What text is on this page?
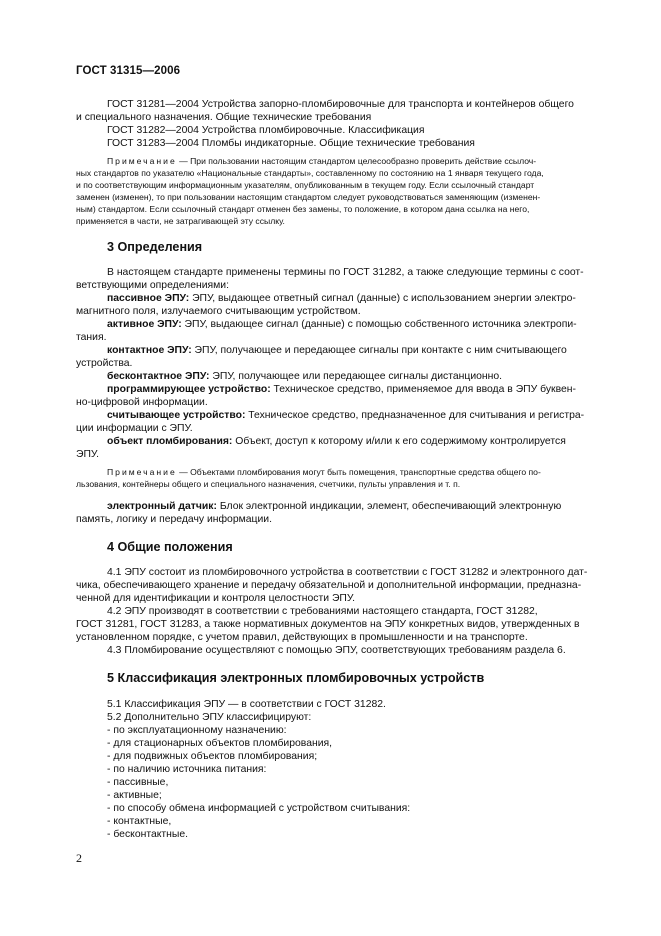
ГОСТ 31315—2006
ГОСТ 31281—2004 Устройства запорно-пломбировочные для транспорта и контейнеров общего
и специального назначения. Общие технические требования
ГОСТ 31282—2004 Устройства пломбировочные. Классификация
ГОСТ 31283—2004 Пломбы индикаторные. Общие технические требования
Примечание — При пользовании настоящим стандартом целесообразно проверить действие ссылоч-
ных стандартов по указателю «Национальные стандарты», составленному по состоянию на 1 января текущего года,
и по соответствующим информационным указателям, опубликованным в текущем году. Если ссылочный стандарт
заменен (изменен), то при пользовании настоящим стандартом следует руководствоваться заменяющим (изменен-
ным) стандартом. Если ссылочный стандарт отменен без замены, то положение, в котором дана ссылка на него,
применяется в части, не затрагивающей эту ссылку.
3 Определения
В настоящем стандарте применены термины по ГОСТ 31282, а также следующие термины с соот-
ветствующими определениями:
пассивное ЭПУ: ЭПУ, выдающее ответный сигнал (данные) с использованием энергии электро-
магнитного поля, излучаемого считывающим устройством.
активное ЭПУ: ЭПУ, выдающее сигнал (данные) с помощью собственного источника электропи-
тания.
контактное ЭПУ: ЭПУ, получающее и передающее сигналы при контакте с ним считывающего
устройства.
бесконтактное ЭПУ: ЭПУ, получающее или передающее сигналы дистанционно.
программирующее устройство: Техническое средство, применяемое для ввода в ЭПУ буквен-
но-цифровой информации.
считывающее устройство: Техническое средство, предназначенное для считывания и регистра-
ции информации с ЭПУ.
объект пломбирования: Объект, доступ к которому и/или к его содержимому контролируется
ЭПУ.
Примечание — Объектами пломбирования могут быть помещения, транспортные средства общего по-
льзования, контейнеры общего и специального назначения, счетчики, пульты управления и т. п.
электронный датчик: Блок электронной индикации, элемент, обеспечивающий электронную
память, логику и передачу информации.
4 Общие положения
4.1 ЭПУ состоит из пломбировочного устройства в соответствии с ГОСТ 31282 и электронного дат-
чика, обеспечивающего хранение и передачу обязательной и дополнительной информации, предназна-
ченной для идентификации и контроля целостности ЭПУ.
4.2 ЭПУ производят в соответствии с требованиями настоящего стандарта, ГОСТ 31282,
ГОСТ 31281, ГОСТ 31283, а также нормативных документов на ЭПУ конкретных видов, утвержденных в
установленном порядке, с учетом правил, действующих в промышленности и на транспорте.
4.3 Пломбирование осуществляют с помощью ЭПУ, соответствующих требованиям раздела 6.
5 Классификация электронных пломбировочных устройств
5.1 Классификация ЭПУ — в соответствии с ГОСТ 31282.
5.2 Дополнительно ЭПУ классифицируют:
- по эксплуатационному назначению:
- для стационарных объектов пломбирования,
- для подвижных объектов пломбирования;
- по наличию источника питания:
- пассивные,
- активные;
- по способу обмена информацией с устройством считывания:
- контактные,
- бесконтактные.
2
